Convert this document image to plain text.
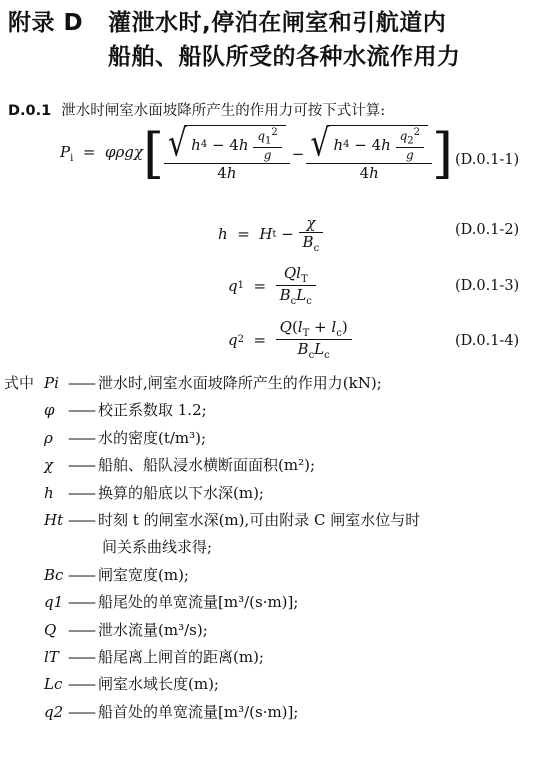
附录 D 灌泄水时,停泊在闸室和引航道内
船舶、船队所受的各种水流作用力
D.0.1 泄水时闸室水面坡降所产生的作用力可按下式计算:
$P_i = \varphi\rho g\chi$ [ √ h 4 − 4 h
$\frac{q_1^2}{g}$
4h − √ h 4 − 4 h
$\frac{q_2^2}{g}$
4h ] (D.0.1-1)
h = H $t - \frac{\chi}{B_c}$	(D.0.1-2)
q $1 = \frac{Ql_T}{B_cL_c}$	(D.0.1-3)
q $2 = \frac{Q(l_T + l_c)}{B_cL_c}$	(D.0.1-4)
式中 Pi —— 泄水时,闸室水面坡降所产生的作用力(kN);
φ —— 校正系数取 1.2;
ρ	—— 水的密度(t/m³);
χ —— 船舶、船队浸水横断面面积(m²);
h —— 换算的船底以下水深(m);
Ht —— 时刻 t 的闸室水深(m),可由附录 C 闸室水位与时
间关系曲线求得;
Bc —— 闸室宽度(m);
q1 —— 船尾处的单宽流量[m³/(s·m)];
Q —— 泄水流量(m³/s);
lT —— 船尾离上闸首的距离(m);
Lc —— 闸室水域长度(m);
q2 —— 船首处的单宽流量[m³/(s·m)];
